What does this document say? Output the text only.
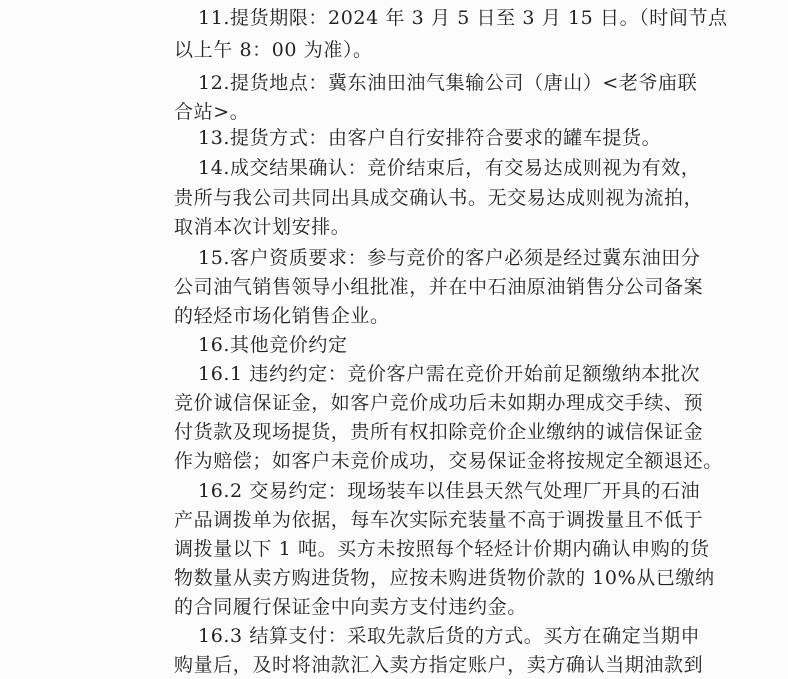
11.提货期限：2024 年 3 月 5 日至 3 月 15 日。（时间节点
以上午 8：00 为准）。
12.提货地点：冀东油田油气集输公司（唐山）<老爷庙联
合站>。
13.提货方式：由客户自行安排符合要求的罐车提货。
14.成交结果确认：竞价结束后，有交易达成则视为有效，
贵所与我公司共同出具成交确认书。无交易达成则视为流拍，
取消本次计划安排。
15.客户资质要求：参与竞价的客户必须是经过冀东油田分
公司油气销售领导小组批准，并在中石油原油销售分公司备案
的轻烃市场化销售企业。
16.其他竞价约定
16.1 违约约定：竞价客户需在竞价开始前足额缴纳本批次
竞价诚信保证金，如客户竞价成功后未如期办理成交手续、预
付货款及现场提货，贵所有权扣除竞价企业缴纳的诚信保证金
作为赔偿；如客户未竞价成功，交易保证金将按规定全额退还。
16.2 交易约定：现场装车以佳县天然气处理厂开具的石油
产品调拨单为依据，每车次实际充装量不高于调拨量且不低于
调拨量以下 1 吨。买方未按照每个轻烃计价期内确认申购的货
物数量从卖方购进货物，应按未购进货物价款的 10%从已缴纳
的合同履行保证金中向卖方支付违约金。
16.3 结算支付：采取先款后货的方式。买方在确定当期申
购量后，及时将油款汇入卖方指定账户，卖方确认当期油款到
